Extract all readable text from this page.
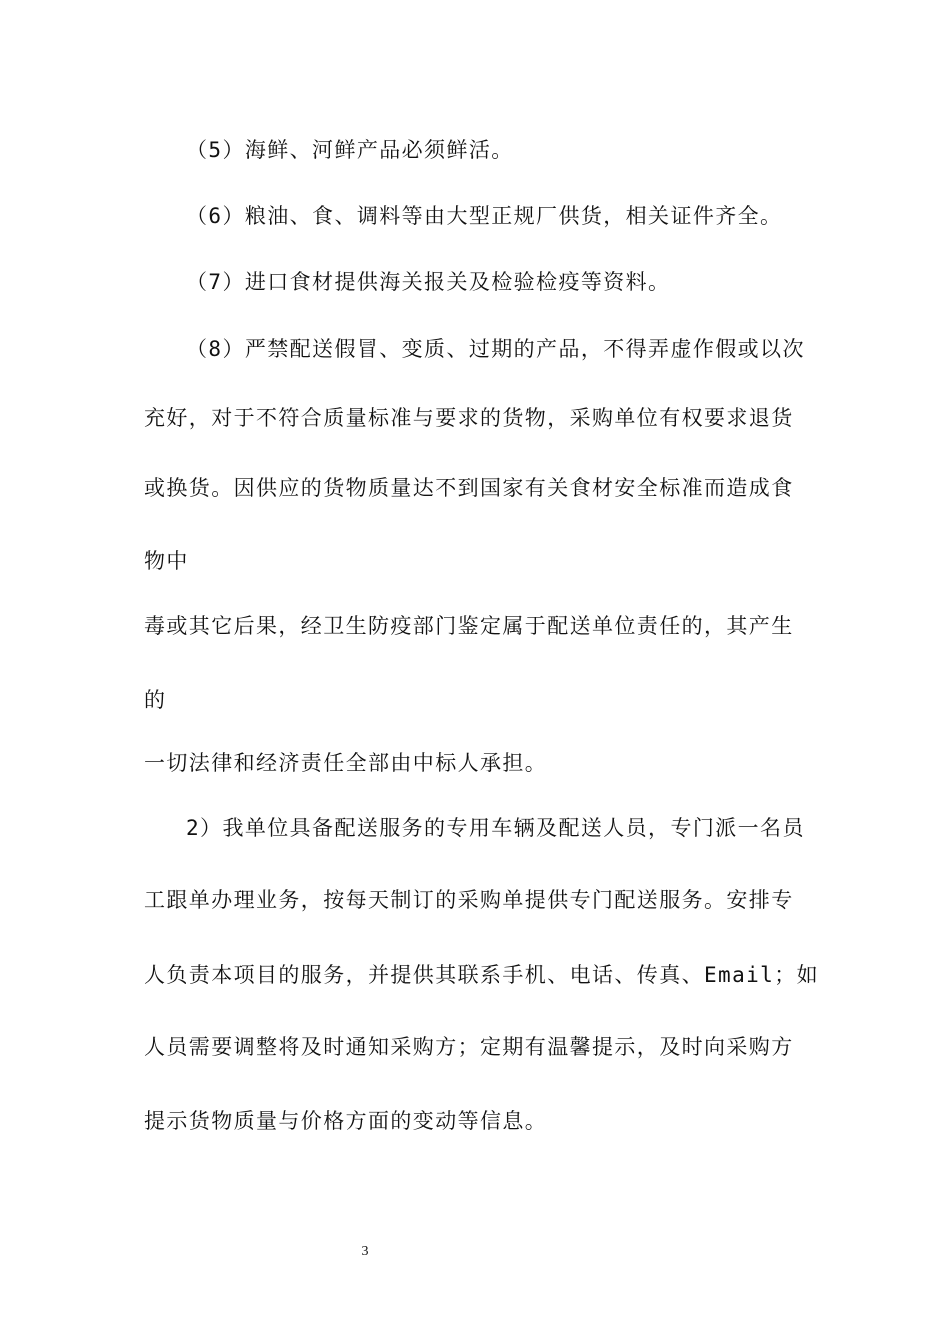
（5）海鲜、河鲜产品必须鲜活。
（6）粮油、食、调料等由大型正规厂供货，相关证件齐全。
（7）进口食材提供海关报关及检验检疫等资料。
（8）严禁配送假冒、变质、过期的产品，不得弄虚作假或以次
充好，对于不符合质量标准与要求的货物，采购单位有权要求退货
或换货。因供应的货物质量达不到国家有关食材安全标准而造成食
物中
毒或其它后果，经卫生防疫部门鉴定属于配送单位责任的，其产生
的
一切法律和经济责任全部由中标人承担。
2）我单位具备配送服务的专用车辆及配送人员，专门派一名员
工跟单办理业务，按每天制订的采购单提供专门配送服务。安排专
人负责本项目的服务，并提供其联系手机、电话、传真、Email；如
人员需要调整将及时通知采购方；定期有温馨提示，及时向采购方
提示货物质量与价格方面的变动等信息。
3
